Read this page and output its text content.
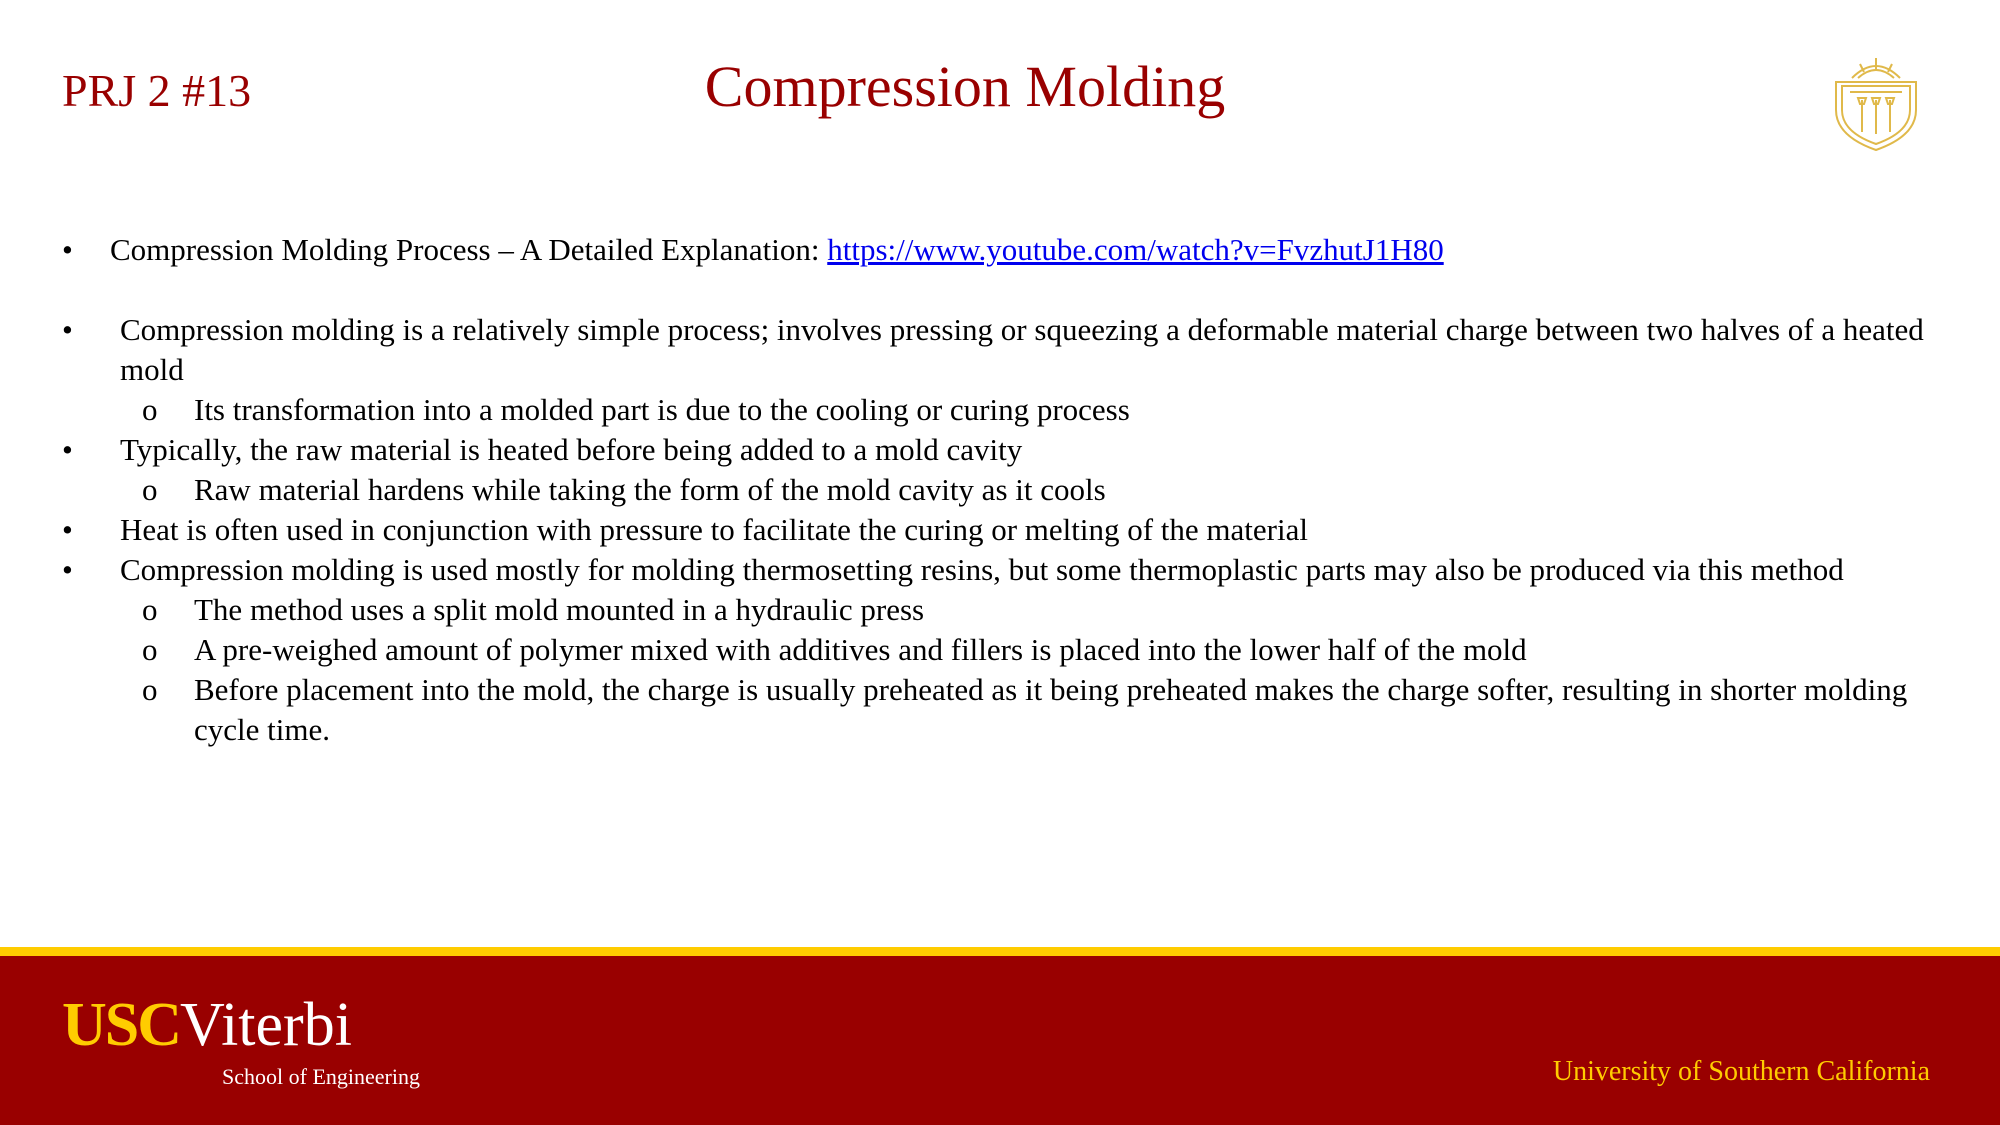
PRJ 2 #13	Compression Molding
•	Compression Molding Process – A Detailed Explanation: https://www.youtube.com/watch?v=FvzhutJ1H80
•	Compression molding is a relatively simple process; involves pressing or squeezing a deformable material charge between two halves of a heated mold
o	Its transformation into a molded part is due to the cooling or curing process
•	Typically, the raw material is heated before being added to a mold cavity
o	Raw material hardens while taking the form of the mold cavity as it cools
•	Heat is often used in conjunction with pressure to facilitate the curing or melting of the material
•	Compression molding is used mostly for molding thermosetting resins, but some thermoplastic parts may also be produced via this method
o	The method uses a split mold mounted in a hydraulic press
o	A pre-weighed amount of polymer mixed with additives and fillers is placed into the lower half of the mold
o	Before placement into the mold, the charge is usually preheated as it being preheated makes the charge softer, resulting in shorter molding cycle time.
USCViterbi
School of Engineering	University of Southern California
